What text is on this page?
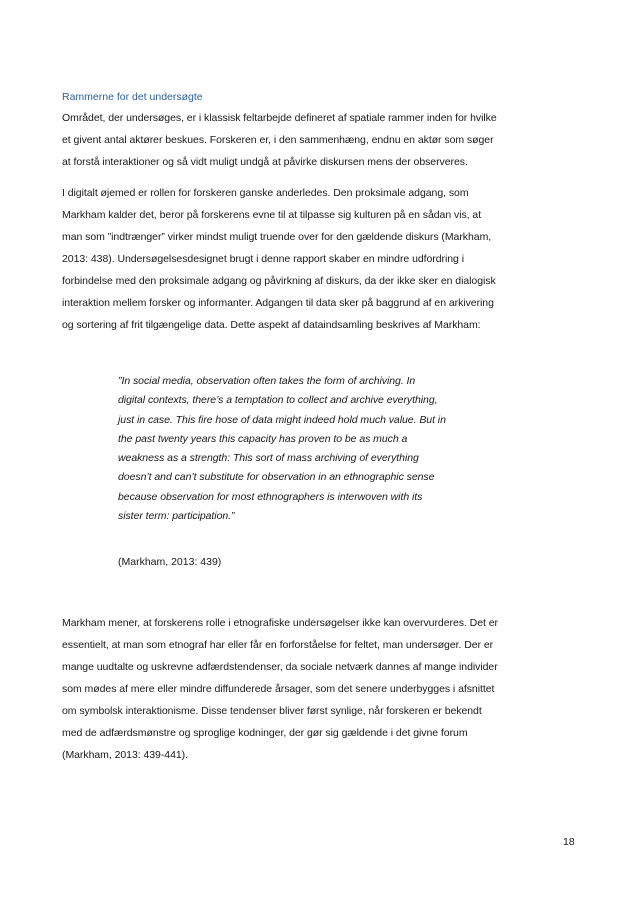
Rammerne for det undersøgte
Området, der undersøges, er i klassisk feltarbejde defineret af spatiale rammer inden for hvilke
et givent antal aktører beskues. Forskeren er, i den sammenhæng, endnu en aktør som søger
at forstå interaktioner og så vidt muligt undgå at påvirke diskursen mens der observeres.
I digitalt øjemed er rollen for forskeren ganske anderledes. Den proksimale adgang, som
Markham kalder det, beror på forskerens evne til at tilpasse sig kulturen på en sådan vis, at
man som ”indtrænger” virker mindst muligt truende over for den gældende diskurs (Markham,
2013: 438). Undersøgelsesdesignet brugt i denne rapport skaber en mindre udfordring i
forbindelse med den proksimale adgang og påvirkning af diskurs, da der ikke sker en dialogisk
interaktion mellem forsker og informanter. Adgangen til data sker på baggrund af en arkivering
og sortering af frit tilgængelige data. Dette aspekt af dataindsamling beskrives af Markham:
”In social media, observation often takes the form of archiving. In
digital contexts, there’s a temptation to collect and archive everything,
just in case. This fire hose of data might indeed hold much value. But in
the past twenty years this capacity has proven to be as much a
weakness as a strength: This sort of mass archiving of everything
doesn’t and can’t substitute for observation in an ethnographic sense
because observation for most ethnographers is interwoven with its
sister term: participation.”
(Markham, 2013: 439)
Markham mener, at forskerens rolle i etnografiske undersøgelser ikke kan overvurderes. Det er
essentielt, at man som etnograf har eller får en forforståelse for feltet, man undersøger. Der er
mange uudtalte og uskrevne adfærdstendenser, da sociale netværk dannes af mange individer
som mødes af mere eller mindre diffunderede årsager, som det senere underbygges i afsnittet
om symbolsk interaktionisme. Disse tendenser bliver først synlige, når forskeren er bekendt
med de adfærdsmønstre og sproglige kodninger, der gør sig gældende i det givne forum
(Markham, 2013: 439-441).
18
